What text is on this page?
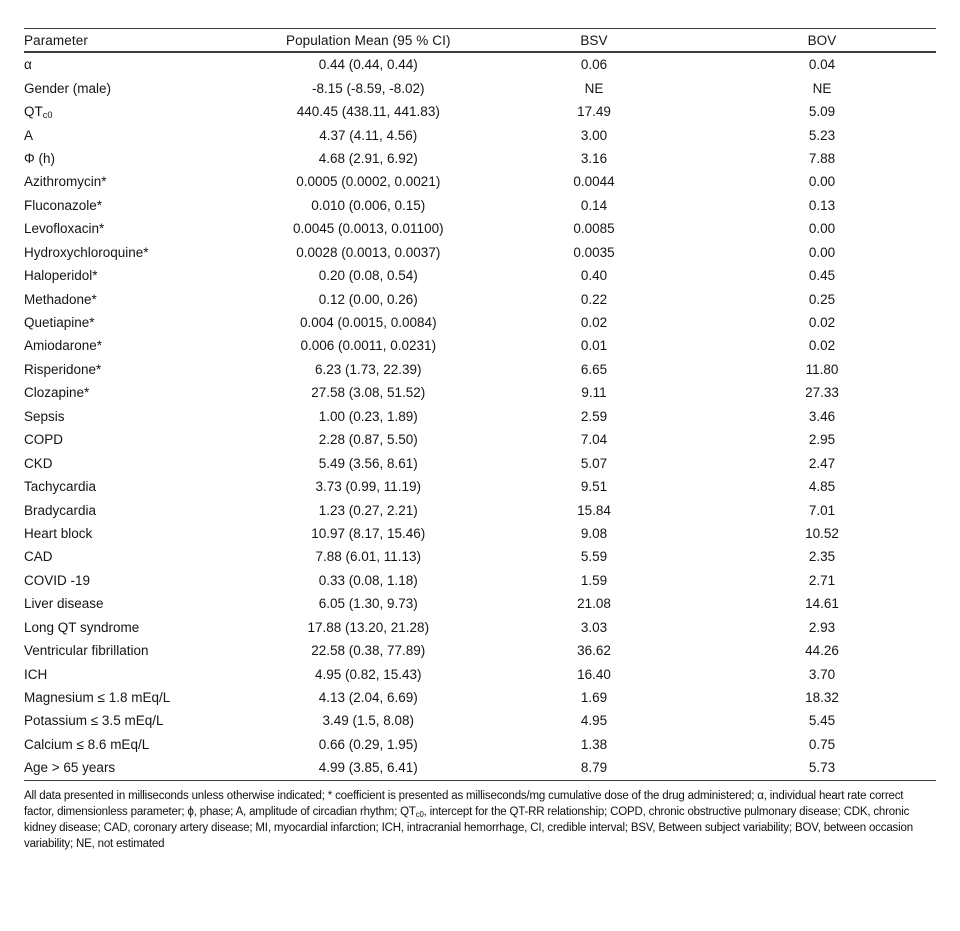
Parameter	Population Mean (95 % CI)	BSV	BOV
α	0.44 (0.44, 0.44)	0.06	0.04
Gender (male)	-8.15 (-8.59, -8.02)	NE	NE
$QT_{c0}$	440.45 (438.11, 441.83)	17.49	5.09
A	4.37 (4.11, 4.56)	3.00	5.23
Φ (h)	4.68 (2.91, 6.92)	3.16	7.88
Azithromycin*	0.0005 (0.0002, 0.0021)	0.0044	0.00
Fluconazole*	0.010 (0.006, 0.15)	0.14	0.13
Levofloxacin*	0.0045 (0.0013, 0.01100)	0.0085	0.00
Hydroxychloroquine*	0.0028 (0.0013, 0.0037)	0.0035	0.00
Haloperidol*	0.20 (0.08, 0.54)	0.40	0.45
Methadone*	0.12 (0.00, 0.26)	0.22	0.25
Quetiapine*	0.004 (0.0015, 0.0084)	0.02	0.02
Amiodarone*	0.006 (0.0011, 0.0231)	0.01	0.02
Risperidone*	6.23 (1.73, 22.39)	6.65	11.80
Clozapine*	27.58 (3.08, 51.52)	9.11	27.33
Sepsis	1.00 (0.23, 1.89)	2.59	3.46
COPD	2.28 (0.87, 5.50)	7.04	2.95
CKD	5.49 (3.56, 8.61)	5.07	2.47
Tachycardia	3.73 (0.99, 11.19)	9.51	4.85
Bradycardia	1.23 (0.27, 2.21)	15.84	7.01
Heart block	10.97 (8.17, 15.46)	9.08	10.52
CAD	7.88 (6.01, 11.13)	5.59	2.35
COVID -19	0.33 (0.08, 1.18)	1.59	2.71
Liver disease	6.05 (1.30, 9.73)	21.08	14.61
Long QT syndrome	17.88 (13.20, 21.28)	3.03	2.93
Ventricular fibrillation	22.58 (0.38, 77.89)	36.62	44.26
ICH	4.95 (0.82, 15.43)	16.40	3.70
Magnesium ≤ 1.8 mEq/L	4.13 (2.04, 6.69)	1.69	18.32
Potassium ≤ 3.5 mEq/L	3.49 (1.5, 8.08)	4.95	5.45
Calcium ≤ 8.6 mEq/L	0.66 (0.29, 1.95)	1.38	0.75
Age > 65 years	4.99 (3.85, 6.41)	8.79	5.73

All data presented in milliseconds unless otherwise indicated; * coefficient is presented as milliseconds/mg cumulative dose of the drug administered; α, individual heart rate correct factor, dimensionless parameter; ϕ, phase; A, amplitude of circadian rhythm; $QT_{c0}$, intercept for the QT-RR relationship; COPD, chronic obstructive pulmonary disease; CDK, chronic kidney disease; CAD, coronary artery disease; MI, myocardial infarction; ICH, intracranial hemorrhage, CI, credible interval; BSV, Between subject variability; BOV, between occasion variability; NE, not estimated
